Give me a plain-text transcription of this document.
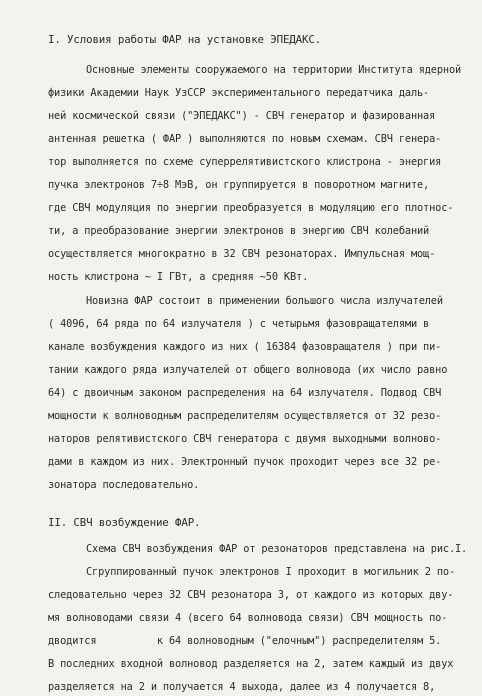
I. Условия работы ФАР на установке ЭПЕДАКС.
Основные элементы сооружаемого на территории Института ядерной
физики Академии Наук УзССР экспериментального передатчика даль-
ней космической связи ("ЭПЕДАКС") - СВЧ генератор и фазированная
антенная решетка ( ФАР ) выполняются по новым схемам. СВЧ генера-
тор выполняется по схеме суперрелятивистского клистрона - энергия
пучка электронов 7÷8 МэВ, он группируется в поворотном магните,
где СВЧ модуляция по энергии преобразуется в модуляцию его плотнос-
ти, а преобразование энергии электронов в энергию СВЧ колебаний
осуществляется многократно в 32 СВЧ резонаторах. Импульсная мощ-
ность клистрона ~ I ГВт, а средняя ~50 КВт.
Новизна ФАР состоит в применении большого числа излучателей
( 4096, 64 ряда по 64 излучателя ) с четырьмя фазовращателями в
канале возбуждения каждого из них ( 16384 фазовращателя ) при пи-
тании каждого ряда излучателей от общего волновода (их число равно
64) с двоичным законом распределения на 64 излучателя. Подвод СВЧ
мощности к волноводным распределителям осуществляется от 32 резо-
наторов релятивистского СВЧ генератора с двумя выходными волново-
дами в каждом из них. Электронный пучок проходит через все 32 ре-
зонатора последовательно.
II. СВЧ возбуждение ФАР.
Схема СВЧ возбуждения ФАР от резонаторов представлена на рис.I.
Сгруппированный пучок электронов I проходит в могильник 2 по-
следовательно через 32 СВЧ резонатора 3, от каждого из которых дву-
мя волноводами связи 4 (всего 64 волновода связи) СВЧ мощность по-
дводится          к 64 волноводным ("елочным") распределителям 5.
В последних входной волновод разделяется на 2, затем каждый из двух
разделяется на 2 и получается 4 выхода, далее из 4 получается 8,
